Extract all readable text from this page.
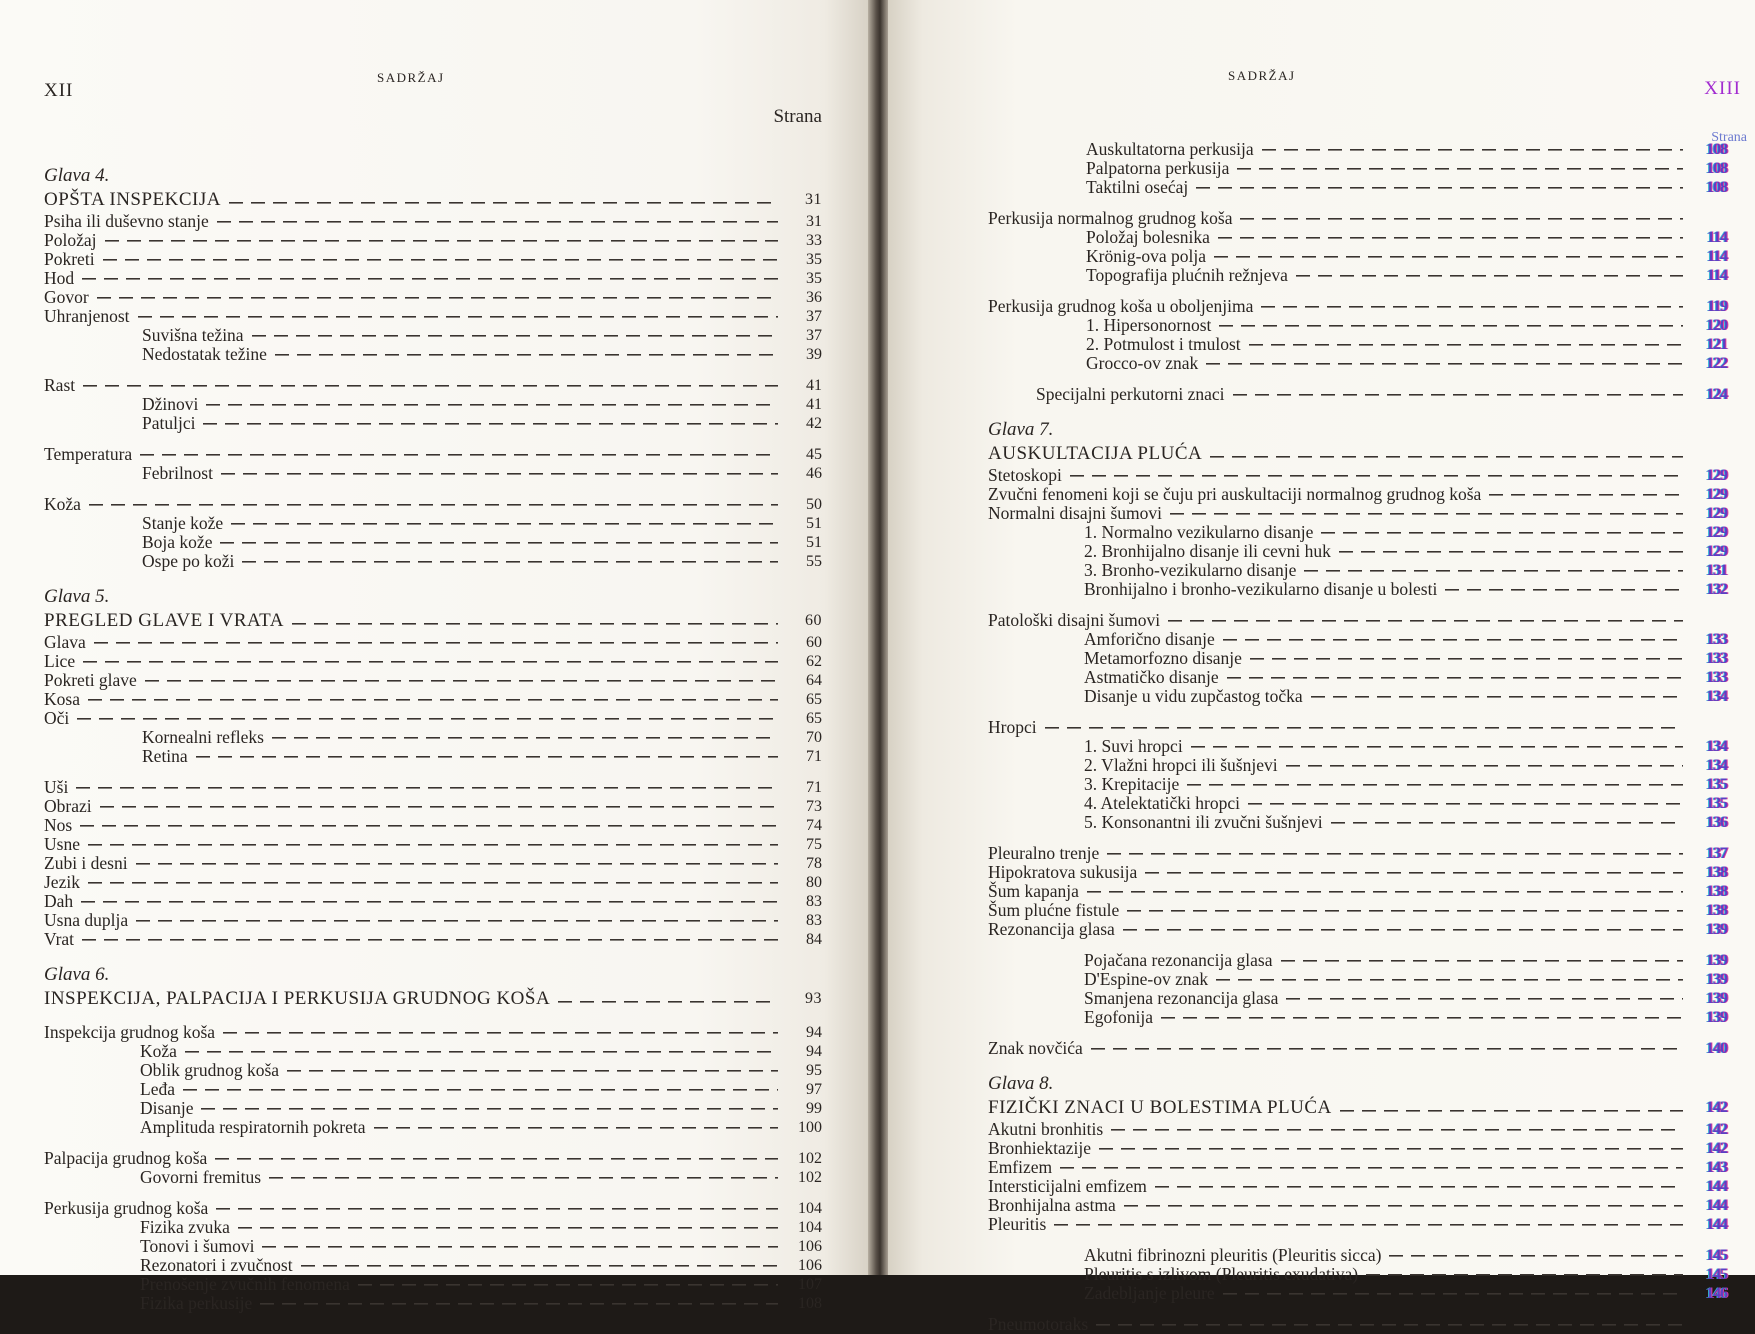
XII
SADRŽAJ
Strana
Glava 4.
OPŠTA INSPEKCIJA	31
Psiha ili duševno stanje	31
Položaj	33
Pokreti	35
Hod	35
Govor	36
Uhranjenost	37
Suvišna težina	37
Nedostatak težine	39
Rast	41
Džinovi	41
Patuljci	42
Temperatura	45
Febrilnost	46
Koža	50
Stanje kože	51
Boja kože	51
Ospe po koži	55
Glava 5.
PREGLED GLAVE I VRATA	60
Glava	60
Lice	62
Pokreti glave	64
Kosa	65
Oči	65
Kornealni refleks	70
Retina	71
Uši	71
Obrazi	73
Nos	74
Usne	75
Zubi i desni	78
Jezik	80
Dah	83
Usna duplja	83
Vrat	84
Glava 6.
INSPEKCIJA, PALPACIJA I PERKUSIJA GRUDNOG KOŠA	93
Inspekcija grudnog koša	94
Koža	94
Oblik grudnog koša	95
Leđa	97
Disanje	99
Amplituda respiratornih pokreta	100
Palpacija grudnog koša	102
Govorni fremitus	102
Perkusija grudnog koša	104
Fizika zvuka	104
Tonovi i šumovi	106
Rezonatori i zvučnost	106
Prenošenje zvučnih fenomena	107
Fizika perkusije	108
SADRŽAJ
XIII
Strana
Auskultatorna perkusija	108
Palpatorna perkusija	108
Taktilni osećaj	108
Perkusija normalnog grudnog koša
Položaj bolesnika	114
Krönig-ova polja	114
Topografija plućnih režnjeva	114
Perkusija grudnog koša u oboljenjima	119
1. Hipersonornost	120
2. Potmulost i tmulost	121
Grocco-ov znak	122
Specijalni perkutorni znaci	124
Glava 7.
AUSKULTACIJA PLUĆA
Stetoskopi	129
Zvučni fenomeni koji se čuju pri auskultaciji normalnog grudnog koša	129
Normalni disajni šumovi	129
1. Normalno vezikularno disanje	129
2. Bronhijalno disanje ili cevni huk	129
3. Bronho-vezikularno disanje	131
Bronhijalno i bronho-vezikularno disanje u bolesti	132
Patološki disajni šumovi
Amforično disanje	133
Metamorfozno disanje	133
Astmatičko disanje	133
Disanje u vidu zupčastog točka	134
Hropci
1. Suvi hropci	134
2. Vlažni hropci ili šušnjevi	134
3. Krepitacije	135
4. Atelektatički hropci	135
5. Konsonantni ili zvučni šušnjevi	136
Pleuralno trenje	137
Hipokratova sukusija	138
Šum kapanja	138
Šum plućne fistule	138
Rezonancija glasa	139
Pojačana rezonancija glasa	139
D'Espine-ov znak	139
Smanjena rezonancija glasa	139
Egofonija	139
Znak novčića	140
Glava 8.
FIZIČKI ZNACI U BOLESTIMA PLUĆA	142
Akutni bronhitis	142
Bronhiektazije	142
Emfizem	143
Intersticijalni emfizem	144
Bronhijalna astma	144
Pleuritis	144
Akutni fibrinozni pleuritis (Pleuritis sicca)	145
Pleuritis s izlivom (Pleuritis exudativa)	145
Zadebljanje pleure	146
Pneumotoraks
